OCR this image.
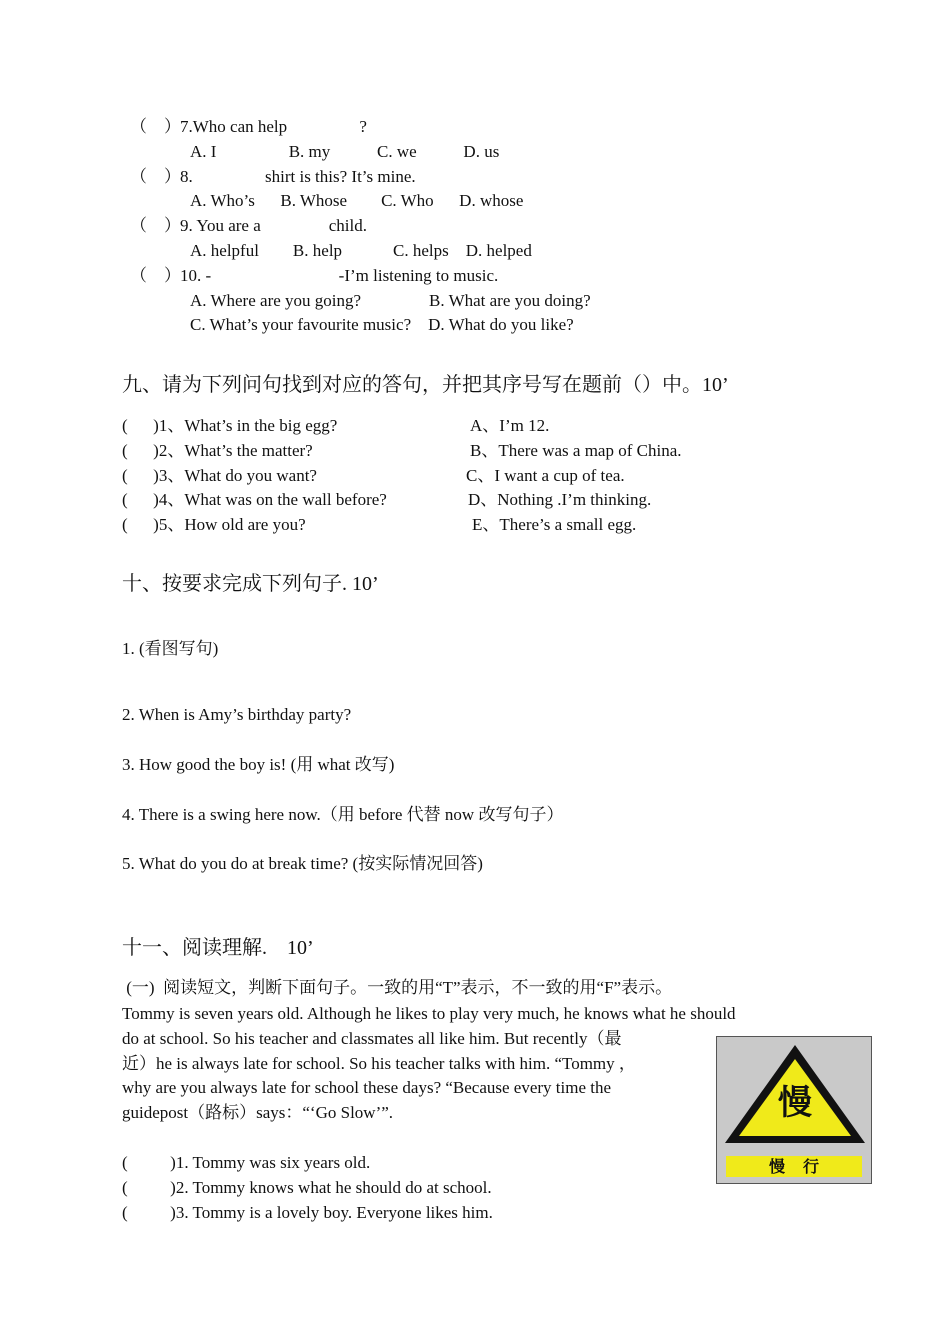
（　） 7.Who can help                 ?
A. I                 B. my           C. we           D. us
（　） 8.                 shirt is this? It’s mine.
A. Who’s      B. Whose        C. Who      D. whose
（　） 9. You are a                child.
A. helpful        B. help            C. helps    D. helped
（　） 10. -                              -I’m listening to music.
A. Where are you going?                B. What are you doing?
C. What’s your favourite music?    D. What do you like?
九、请为下列问句找到对应的答句，并把其序号写在题前（）中。10’
(      )1、What’s in the big egg?	A、I’m 12.
(      )2、What’s the matter?	B、There was a map of China.
(      )3、What do you want?	C、I want a cup of tea.
(      )4、What was on the wall before?	D、Nothing .I’m thinking.
(      )5、How old are you?	E、There’s a small egg.
十、按要求完成下列句子. 10’
1. (看图写句)
2. When is Amy’s birthday party?
3. How good the boy is! (用 what 改写)
4. There is a swing here now.（用 before 代替 now 改写句子）
5. What do you do at break time? (按实际情况回答)
十一、阅读理解.    10’
(一)  阅读短文，判断下面句子。一致的用“T”表示，不一致的用“F”表示。
Tommy is seven years old. Although he likes to play very much, he knows what he should
do at school. So his teacher and classmates all like him. But recently（最
近）he is always late for school. So his teacher talks with him. “Tommy ，
why are you always late for school these days? “Because every time the
guidepost（路标）says：“‘Go Slow’”.
(          )1. Tommy was six years old.
(          )2. Tommy knows what he should do at school.
(          )3. Tommy is a lovely boy. Everyone likes him.
慢
慢行
